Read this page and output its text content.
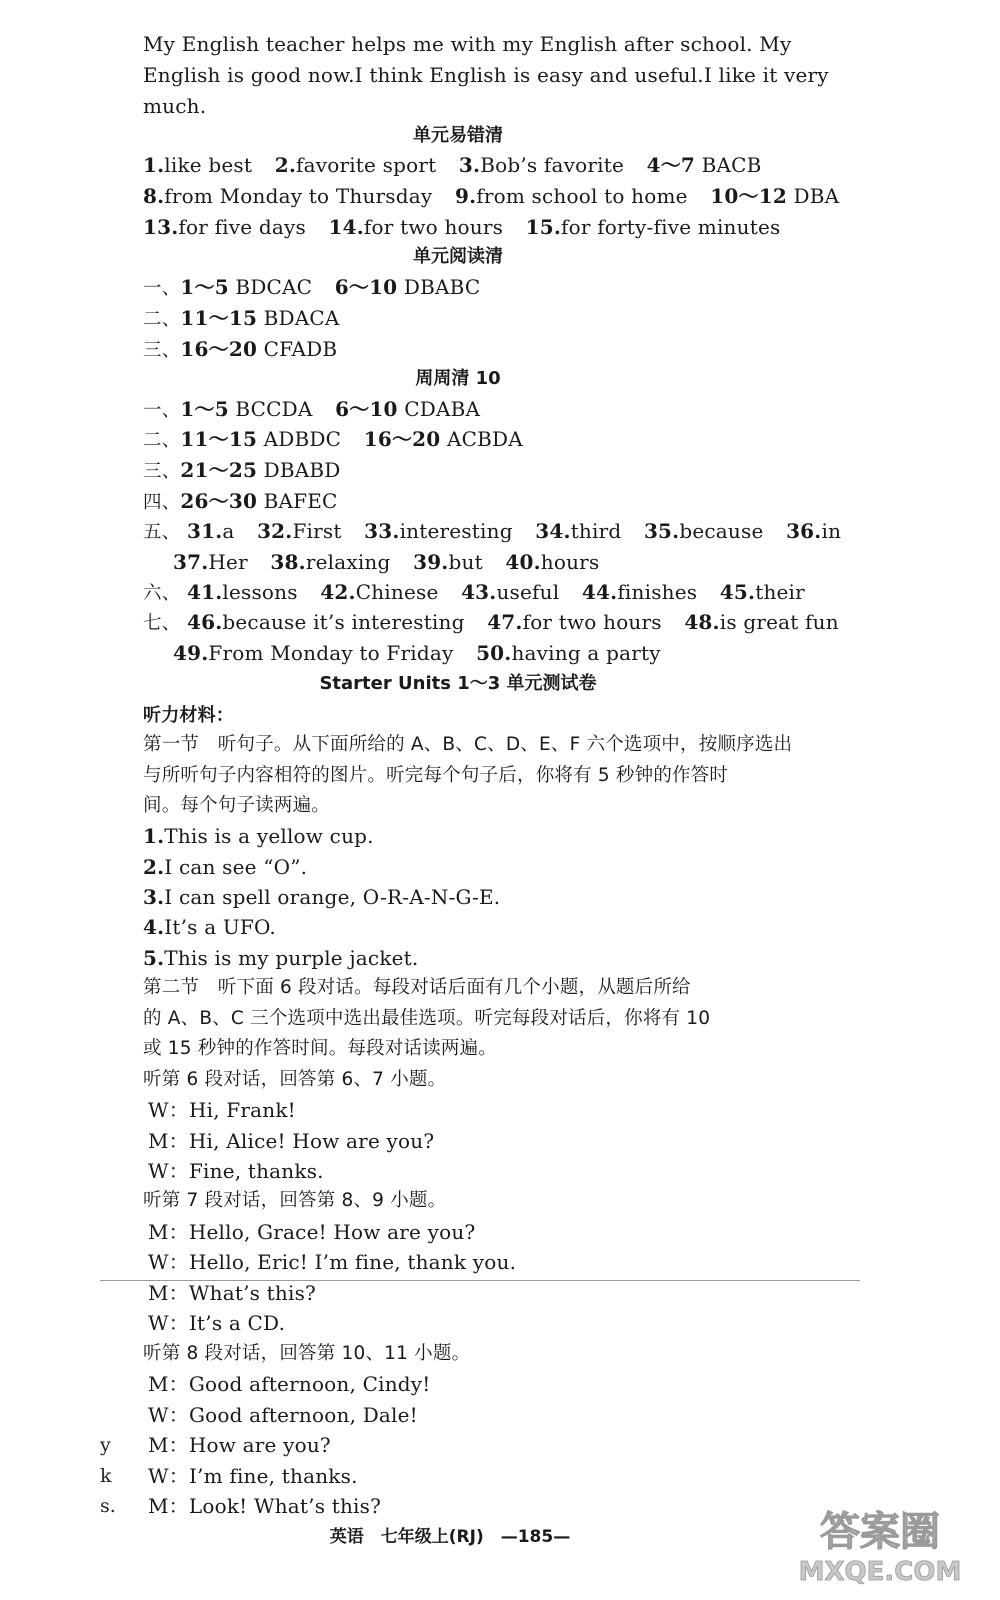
My English teacher helps me with my English after school. My
English is good now.I think English is easy and useful.I like it very
much.
单元易错清
1.like best 2.favorite sport 3.Bob’s favorite 4～7 BACB
8.from Monday to Thursday 9.from school to home 10～12 DBA
13.for five days 14.for two hours 15.for forty-five minutes
单元阅读清
一、1～5 BDCAC 6～10 DBABC
二、11～15 BDACA
三、16～20 CFADB
周周清 10
一、1～5 BCCDA 6～10 CDABA
二、11～15 ADBDC 16～20 ACBDA
三、21～25 DBABD
四、26～30 BAFEC
五、 31.a 32.First 33.interesting 34.third 35.because 36.in
37.Her 38.relaxing 39.but 40.hours
六、 41.lessons 42.Chinese 43.useful 44.finishes 45.their
七、 46.because it’s interesting 47.for two hours 48.is great fun
49.From Monday to Friday 50.having a party
Starter Units 1～3 单元测试卷
听力材料：
第一节　听句子。从下面所给的 A、B、C、D、E、F 六个选项中，按顺序选出
与所听句子内容相符的图片。听完每个句子后，你将有 5 秒钟的作答时
间。每个句子读两遍。
1.This is a yellow cup.
2.I can see “O”.
3.I can spell orange, O-R-A-N-G-E.
4.It’s a UFO.
5.This is my purple jacket.
第二节　听下面 6 段对话。每段对话后面有几个小题，从题后所给
的 A、B、C 三个选项中选出最佳选项。听完每段对话后，你将有 10
或 15 秒钟的作答时间。每段对话读两遍。
听第 6 段对话，回答第 6、7 小题。
W：Hi, Frank!
M：Hi, Alice! How are you?
W：Fine, thanks.
听第 7 段对话，回答第 8、9 小题。
M：Hello, Grace! How are you?
W：Hello, Eric! I’m fine, thank you.
M：What’s this?
W：It’s a CD.
听第 8 段对话，回答第 10、11 小题。
M：Good afternoon, Cindy!
W：Good afternoon, Dale!
M：How are you?
W：I’m fine, thanks.
M：Look! What’s this?
y
k
s.
英语　七年级上(RJ)　—185—	答案圈
MXQE.COM
